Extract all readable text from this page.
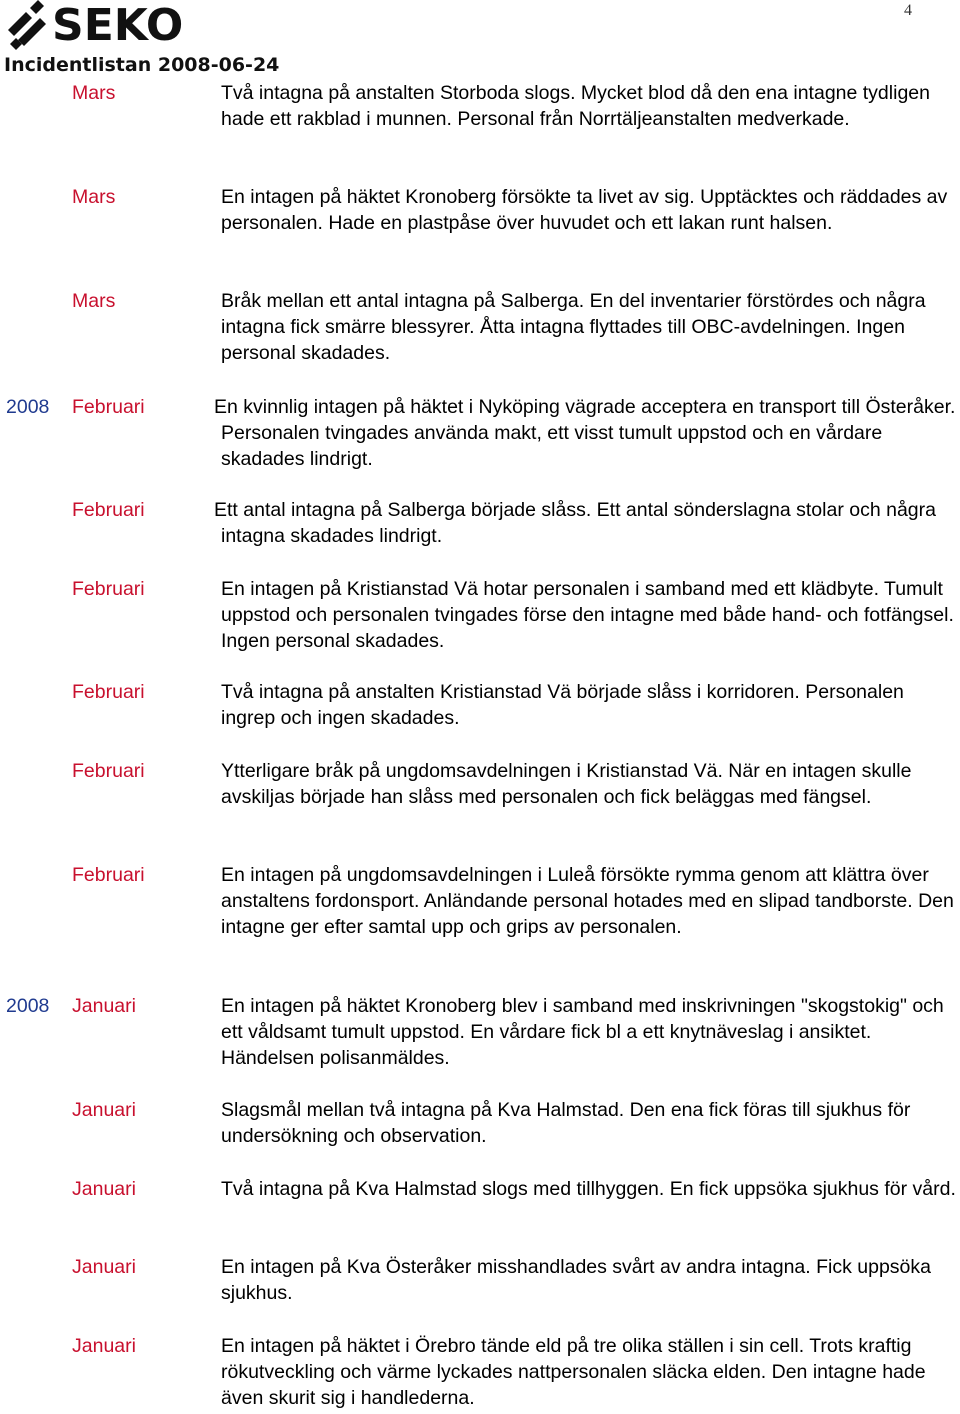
SEKO
Incidentlistan 2008-06-24
4
Mars	Två intagna på anstalten Storboda slogs. Mycket blod då den ena intagne tydligen hade ett rakblad i munnen. Personal från Norrtäljeanstalten medverkade.
Mars	En intagen på häktet Kronoberg försökte ta livet av sig. Upptäcktes och räddades av personalen. Hade en plastpåse över huvudet och ett lakan runt halsen.
Mars	Bråk mellan ett antal intagna på Salberga. En del inventarier förstördes och några intagna fick smärre blessyrer. Åtta intagna flyttades till OBC-avdelningen. Ingen personal skadades.
2008 Februari	En kvinnlig intagen på häktet i Nyköping vägrade acceptera en transport till Österåker. Personalen tvingades använda makt, ett visst tumult uppstod och en vårdare skadades lindrigt.
Februari	Ett antal intagna på Salberga började slåss. Ett antal sönderslagna stolar och några intagna skadades lindrigt.
Februari	En intagen på Kristianstad Vä hotar personalen i samband med ett klädbyte. Tumult uppstod och personalen tvingades förse den intagne med både hand- och fotfängsel. Ingen personal skadades.
Februari	Två intagna på anstalten Kristianstad Vä började slåss i korridoren. Personalen ingrep och ingen skadades.
Februari	Ytterligare bråk på ungdomsavdelningen i Kristianstad Vä. När en intagen skulle avskiljas började han slåss med personalen och fick beläggas med fängsel.
Februari	En intagen på ungdomsavdelningen i Luleå försökte rymma genom att klättra över anstaltens fordonsport. Anländande personal hotades med en slipad tandborste. Den intagne ger efter samtal upp och grips av personalen.
2008 Januari	En intagen på häktet Kronoberg blev i samband med inskrivningen "skogstokig" och ett våldsamt tumult uppstod. En vårdare fick bl a ett knytnäveslag i ansiktet. Händelsen polisanmäldes.
Januari	Slagsmål mellan två intagna på Kva Halmstad. Den ena fick föras till sjukhus för undersökning och observation.
Januari	Två intagna på Kva Halmstad slogs med tillhyggen. En fick uppsöka sjukhus för vård.
Januari	En intagen på Kva Österåker misshandlades svårt av andra intagna. Fick uppsöka sjukhus.
Januari	En intagen på häktet i Örebro tände eld på tre olika ställen i sin cell. Trots kraftig rökutveckling och värme lyckades nattpersonalen släcka elden. Den intagne hade även skurit sig i handlederna.
